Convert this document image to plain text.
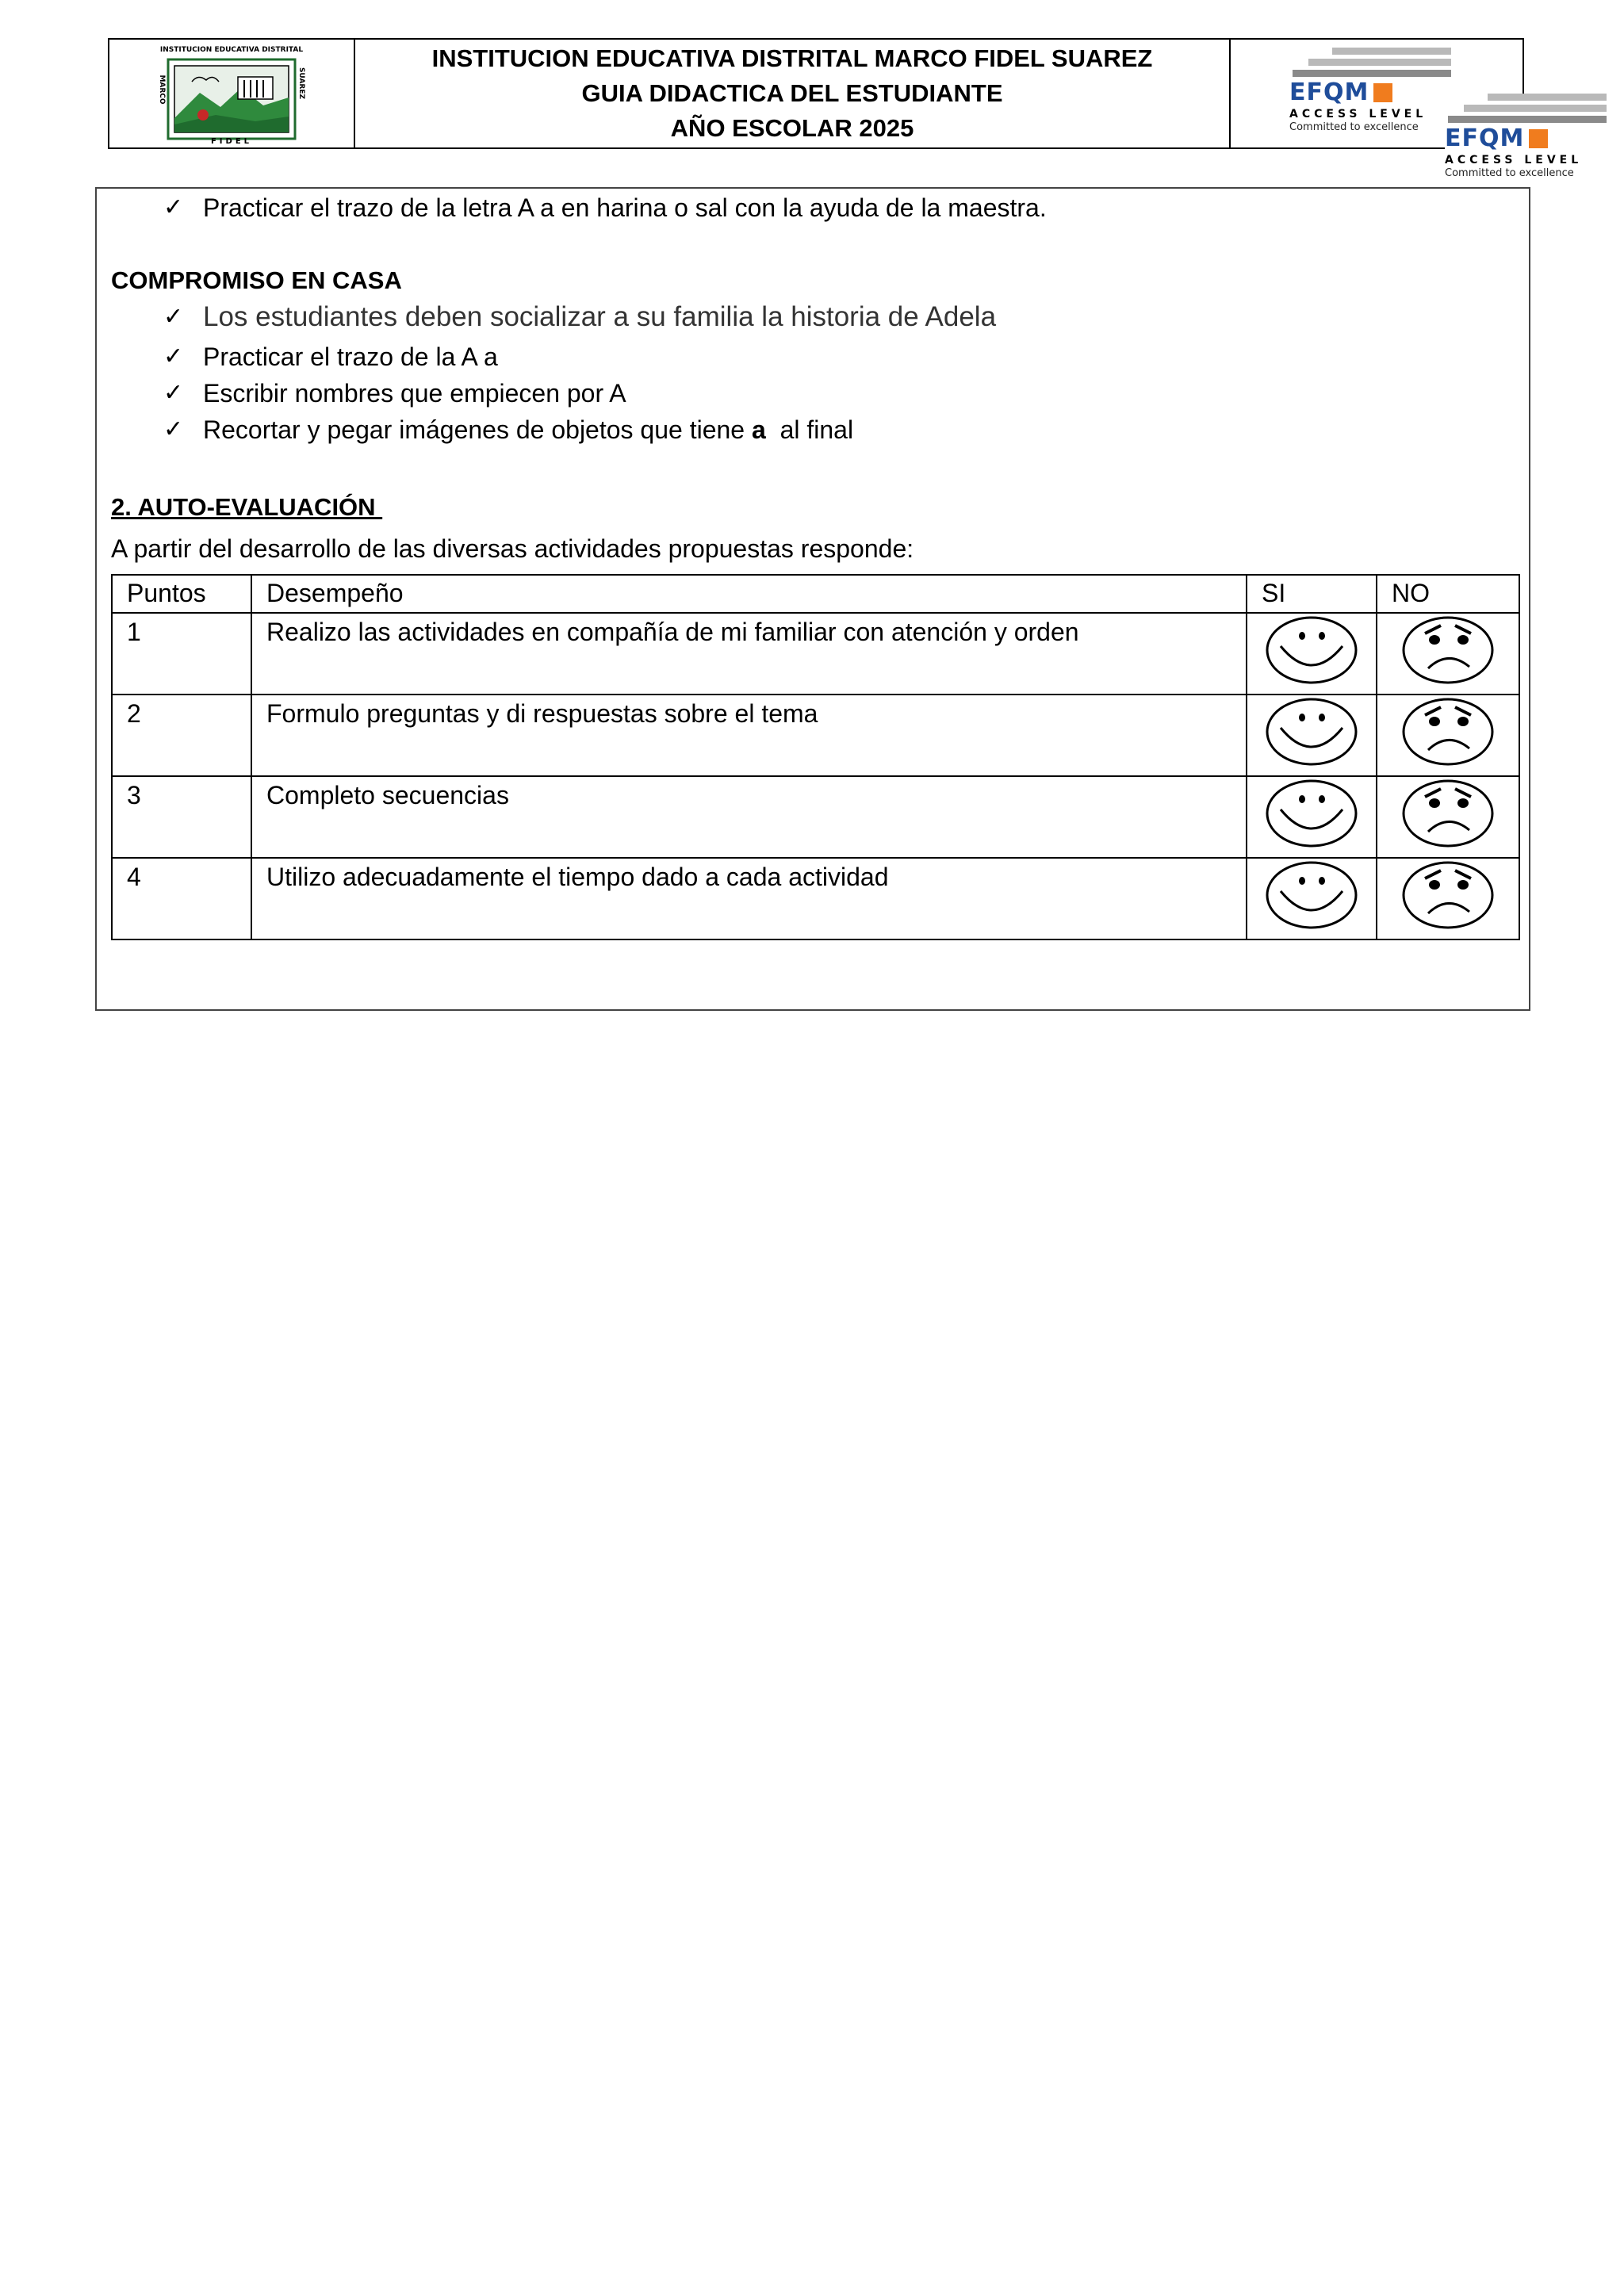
INSTITUCION EDUCATIVA DISTRITAL
MARCO	SUAREZ
FIDEL
INSTITUCION EDUCATIVA DISTRITAL MARCO FIDEL SUAREZ
GUIA DIDACTICA DEL ESTUDIANTE
AÑO ESCOLAR 2025
EFQM
ACCESS LEVEL
Committed to excellence	EFQM
ACCESS LEVEL
Committed to excellence
✓ Practicar el trazo de la letra A a en harina o sal con la ayuda de la maestra.
COMPROMISO EN CASA
✓ Los estudiantes deben socializar a su familia la historia de Adela
✓ Practicar el trazo de la A a
✓ Escribir nombres que empiecen por A
✓ Recortar y pegar imágenes de objetos que tiene a  al final
2. AUTO-EVALUACIÓN
A partir del desarrollo de las diversas actividades propuestas responde:
Puntos	Desempeño	SI	NO
1	Realizo las actividades en compañía de mi familiar con atención y orden		
2	Formulo preguntas y di respuestas sobre el tema		
3	Completo secuencias		
4	Utilizo adecuadamente el tiempo dado a cada actividad		
